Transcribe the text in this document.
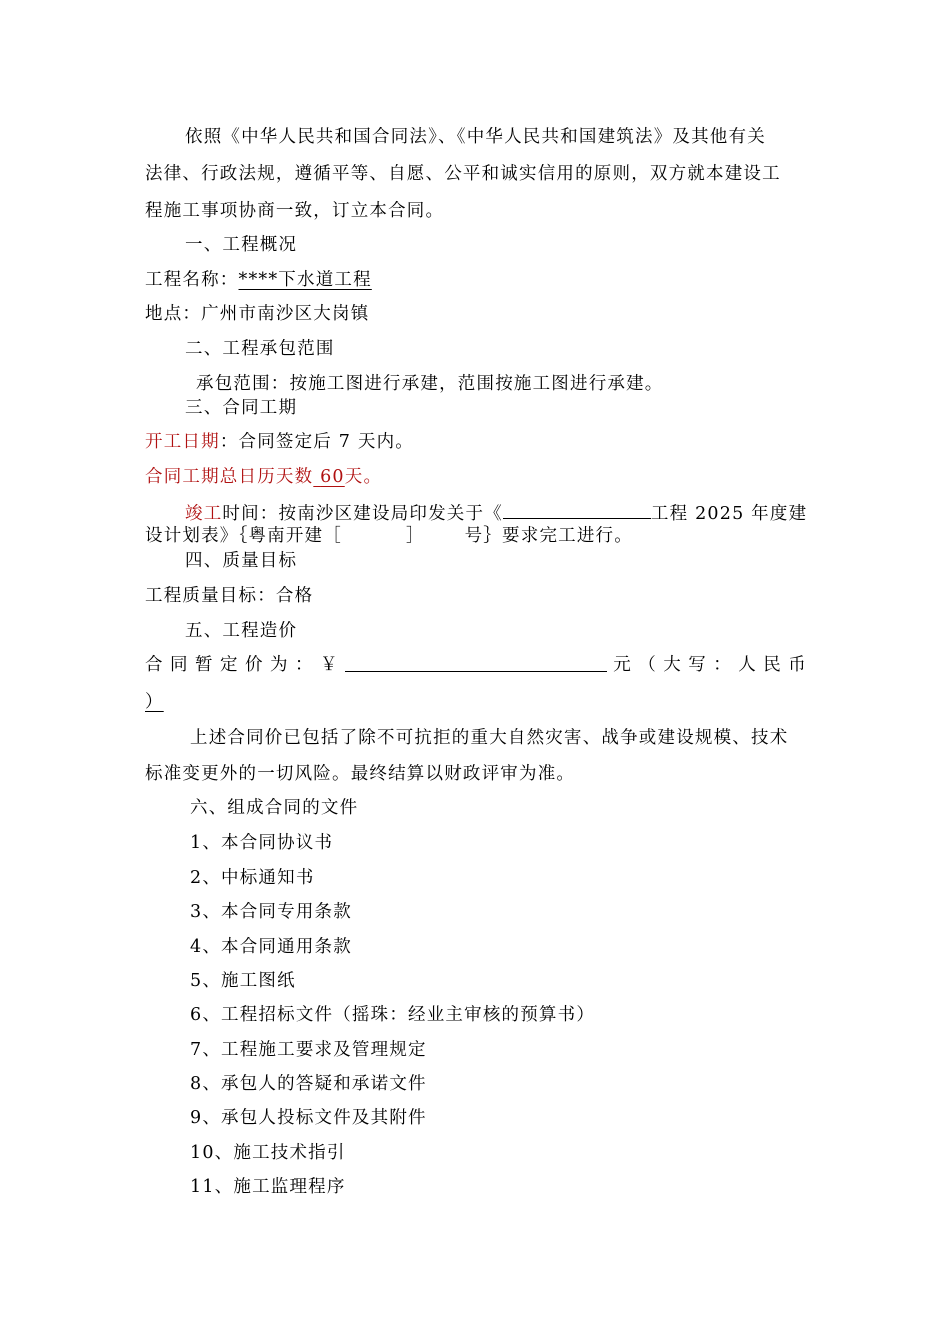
依照《中华人民共和国合同法》、《中华人民共和国建筑法》及其他有关
法律、行政法规，遵循平等、自愿、公平和诚实信用的原则，双方就本建设工
程施工事项协商一致，订立本合同。
一、工程概况
工程名称：****下水道工程
地点：广州市南沙区大岗镇
二、工程承包范围
承包范围：按施工图进行承建，范围按施工图进行承建。
三、合同工期
开工日期：合同签定后 7 天内。
合同工期总日历天数 60天。
竣工时间：按南沙区建设局印发关于《	工程 2025 年度建
设计划表》｛粤南开建［	］ 号｝要求完工进行。
四、质量目标
工程质量目标：合格
五、工程造价
合 同 暂 定 价 为 ： ￥	元 （ 大 写 ： 人 民 币
）
上述合同价已包括了除不可抗拒的重大自然灾害、战争或建设规模、技术
标准变更外的一切风险。最终结算以财政评审为准。
六、组成合同的文件
1、本合同协议书
2、中标通知书
3、本合同专用条款
4、本合同通用条款
5、施工图纸
6、工程招标文件（摇珠：经业主审核的预算书）
7、工程施工要求及管理规定
8、承包人的答疑和承诺文件
9、承包人投标文件及其附件
10、施工技术指引
11、施工监理程序
